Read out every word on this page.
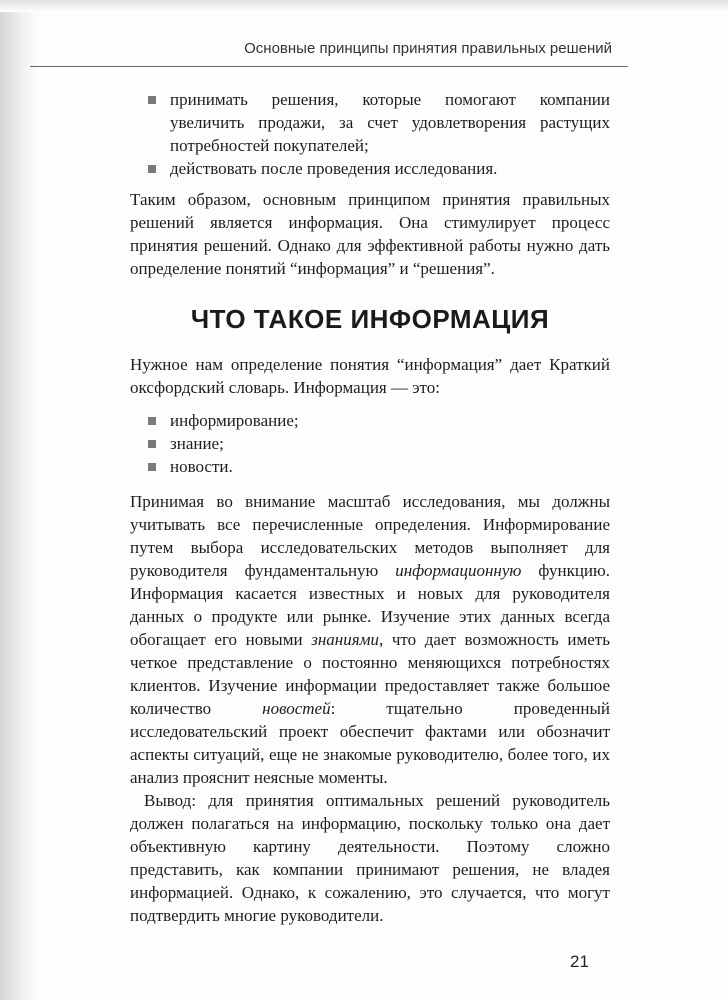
Основные принципы принятия правильных решений
принимать решения, которые помогают компании увеличить продажи, за счет удовлетворения растущих потребностей покупателей;
действовать после проведения исследования.

Таким образом, основным принципом принятия правильных решений является информация. Она стимулирует процесс принятия решений. Однако для эффективной работы нужно дать определение понятий “информация” и “решения”.

ЧТО ТАКОЕ ИНФОРМАЦИЯ

Нужное нам определение понятия “информация” дает Краткий оксфордский словарь. Информация — это:

информирование;
знание;
новости.

Принимая во внимание масштаб исследования, мы должны учитывать все перечисленные определения. Информирование путем выбора исследовательских методов выполняет для руководителя фундаментальную информационную функцию. Информация касается известных и новых для руководителя данных о продукте или рынке. Изучение этих данных всегда обогащает его новыми знаниями, что дает возможность иметь четкое представление о постоянно меняющихся потребностях клиентов. Изучение информации предоставляет также большое количество новостей: тщательно проведенный исследовательский проект обеспечит фактами или обозначит аспекты ситуаций, еще не знакомые руководителю, более того, их анализ прояснит неясные моменты.

Вывод: для принятия оптимальных решений руководитель должен полагаться на информацию, поскольку только она дает объективную картину деятельности. Поэтому сложно представить, как компании принимают решения, не владея информацией. Однако, к сожалению, это случается, что могут подтвердить многие руководители.

21
